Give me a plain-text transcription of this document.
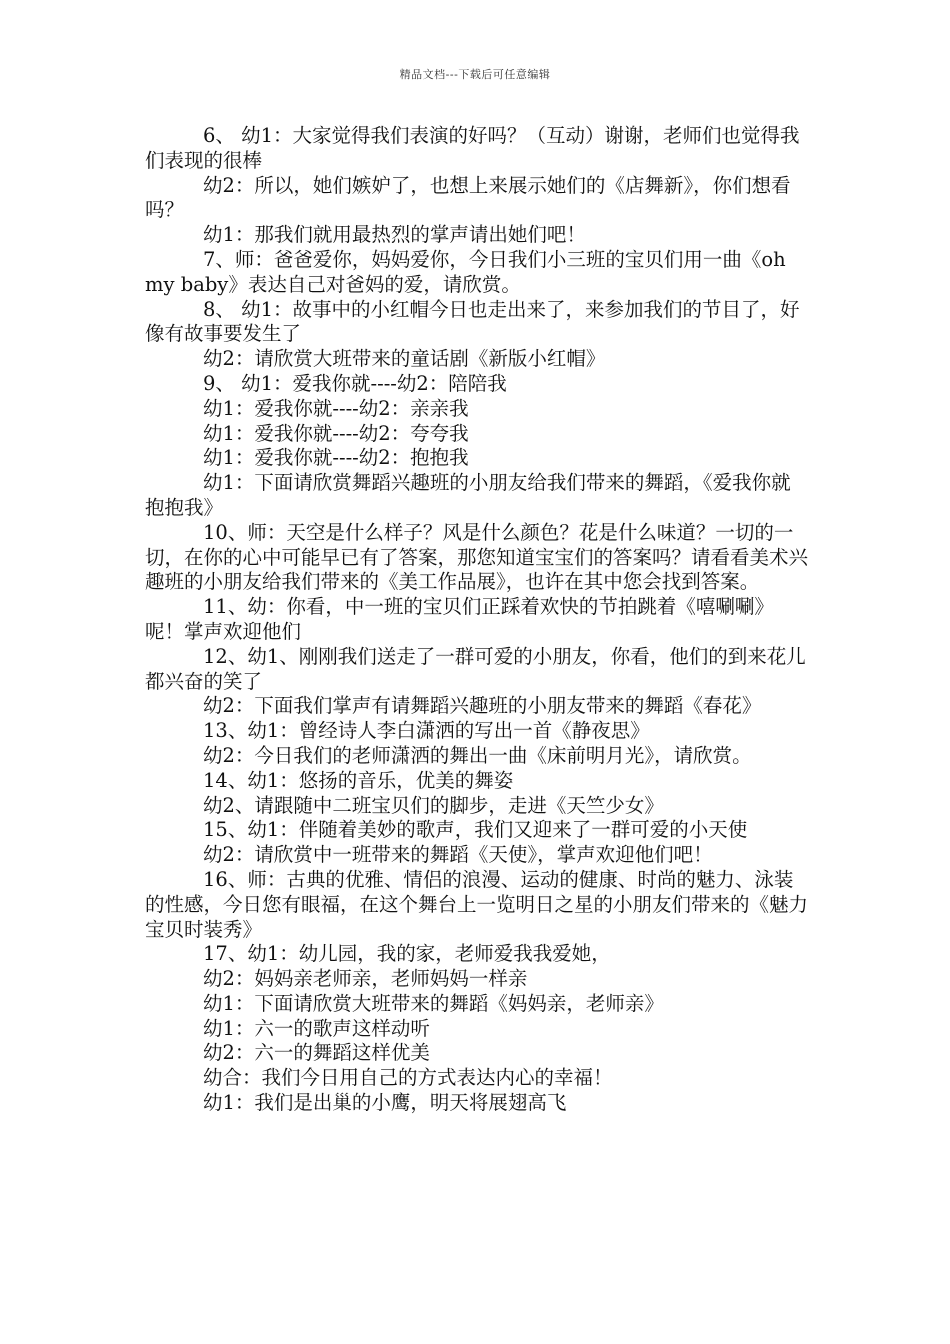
精品文档---下载后可任意编辑

6、 幼1：大家觉得我们表演的好吗？（互动）谢谢，老师们也觉得我们表现的很棒

幼2：所以，她们嫉妒了，也想上来展示她们的《店舞新》，你们想看吗？

幼1：那我们就用最热烈的掌声请出她们吧！

7、师：爸爸爱你，妈妈爱你，今日我们小三班的宝贝们用一曲《oh my baby》表达自己对爸妈的爱，请欣赏。

8、 幼1：故事中的小红帽今日也走出来了，来参加我们的节目了，好像有故事要发生了

幼2：请欣赏大班带来的童话剧《新版小红帽》

9、 幼1：爱我你就----幼2：陪陪我

幼1：爱我你就----幼2：亲亲我

幼1：爱我你就----幼2：夸夸我

幼1：爱我你就----幼2：抱抱我

幼1：下面请欣赏舞蹈兴趣班的小朋友给我们带来的舞蹈，《爱我你就抱抱我》

10、师：天空是什么样子？风是什么颜色？花是什么味道？一切的一切，在你的心中可能早已有了答案，那您知道宝宝们的答案吗？请看看美术兴趣班的小朋友给我们带来的《美工作品展》，也许在其中您会找到答案。

11、幼：你看，中一班的宝贝们正踩着欢快的节拍跳着《嘻唰唰》呢！掌声欢迎他们

12、幼1、刚刚我们送走了一群可爱的小朋友，你看，他们的到来花儿都兴奋的笑了

幼2：下面我们掌声有请舞蹈兴趣班的小朋友带来的舞蹈《春花》

13、幼1：曾经诗人李白潇洒的写出一首《静夜思》

幼2：今日我们的老师潇洒的舞出一曲《床前明月光》，请欣赏。

14、幼1：悠扬的音乐，优美的舞姿

幼2、请跟随中二班宝贝们的脚步，走进《天竺少女》

15、幼1：伴随着美妙的歌声，我们又迎来了一群可爱的小天使

幼2：请欣赏中一班带来的舞蹈《天使》，掌声欢迎他们吧！

16、师：古典的优雅、情侣的浪漫、运动的健康、时尚的魅力、泳装的性感，今日您有眼福，在这个舞台上一览明日之星的小朋友们带来的《魅力宝贝时装秀》

17、幼1：幼儿园，我的家，老师爱我我爱她，

幼2：妈妈亲老师亲，老师妈妈一样亲

幼1：下面请欣赏大班带来的舞蹈《妈妈亲，老师亲》

幼1：六一的歌声这样动听

幼2：六一的舞蹈这样优美

幼合：我们今日用自己的方式表达内心的幸福！

幼1：我们是出巢的小鹰，明天将展翅高飞
